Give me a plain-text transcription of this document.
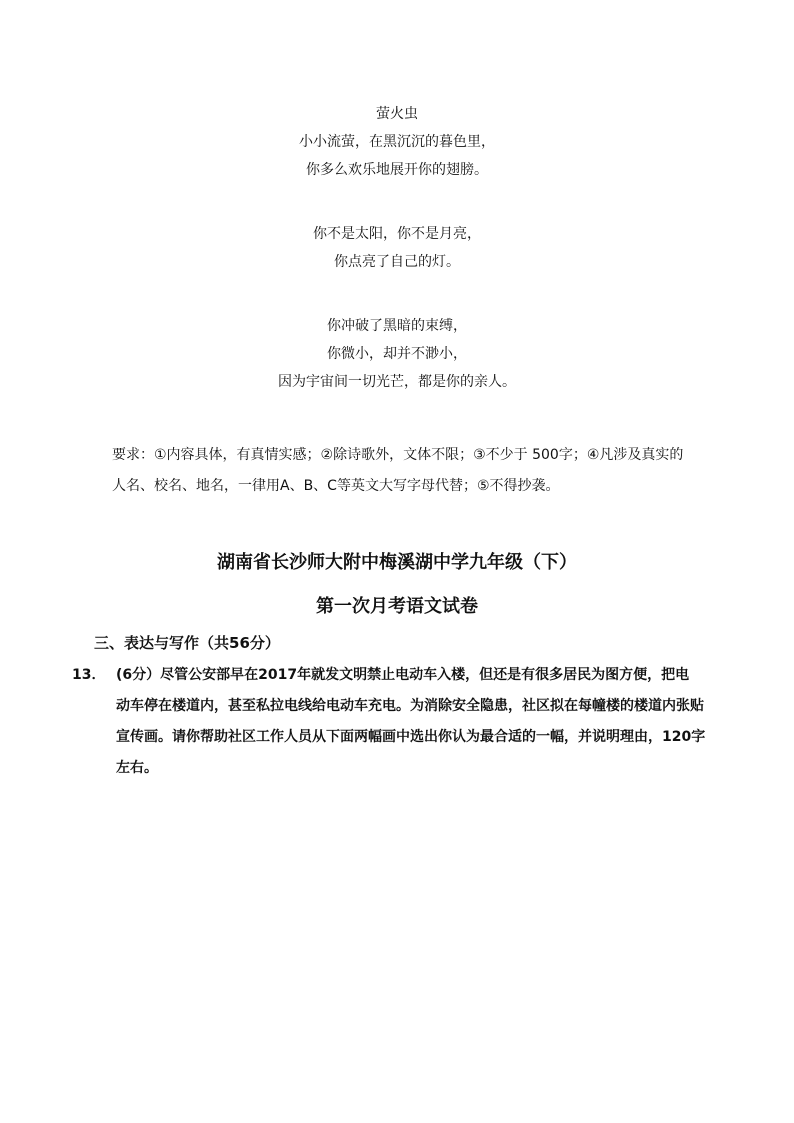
萤火虫
小小流萤，在黑沉沉的暮色里，
你多么欢乐地展开你的翅膀。
你不是太阳，你不是月亮，
你点亮了自己的灯。
你冲破了黑暗的束缚，
你微小，却并不渺小，
因为宇宙间一切光芒，都是你的亲人。
要求：①内容具体，有真情实感；②除诗歌外，文体不限；③不少于 500字；④凡涉及真实的
人名、校名、地名，一律用A、B、C等英文大写字母代替；⑤不得抄袭。
湖南省长沙师大附中梅溪湖中学九年级（下）
第一次月考语文试卷
三、表达与写作（共56分）
13． (6分）尽管公安部早在2017年就发文明禁止电动车入楼，但还是有很多居民为图方便，把电
动车停在楼道内，甚至私拉电线给电动车充电。为消除安全隐患，社区拟在每幢楼的楼道内张贴
宣传画。请你帮助社区工作人员从下面两幅画中选出你认为最合适的一幅，并说明理由，120字
左右。
